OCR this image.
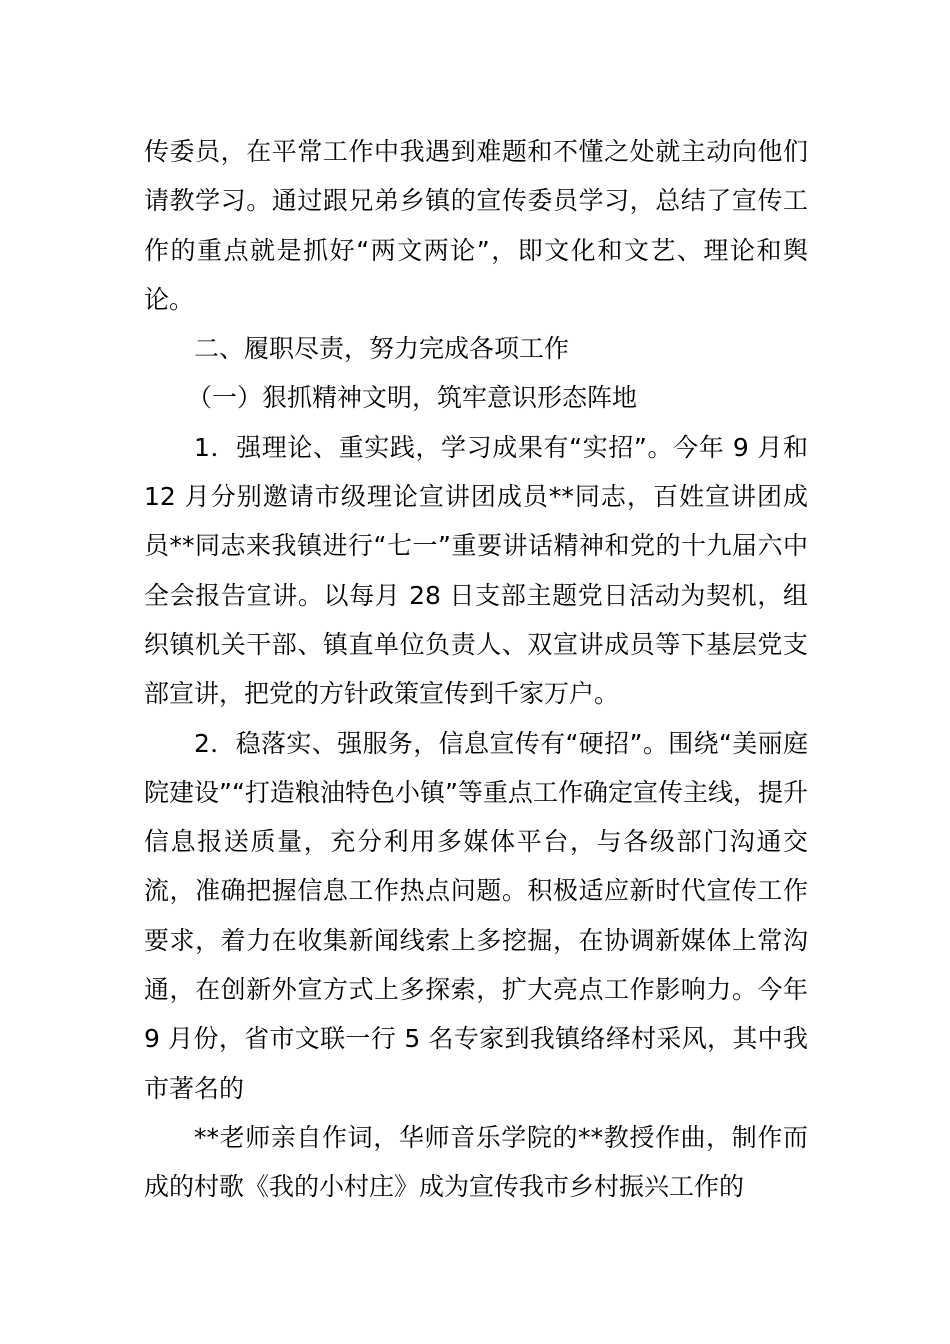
传委员，在平常工作中我遇到难题和不懂之处就主动向他们请教学习。通过跟兄弟乡镇的宣传委员学习，总结了宣传工作的重点就是抓好“两文两论”，即文化和文艺、理论和舆论。

二、履职尽责，努力完成各项工作

（一）狠抓精神文明，筑牢意识形态阵地

1．强理论、重实践，学习成果有“实招”。今年 9 月和 12 月分别邀请市级理论宣讲团成员**同志，百姓宣讲团成员**同志来我镇进行“七一”重要讲话精神和党的十九届六中全会报告宣讲。以每月 28 日支部主题党日活动为契机，组织镇机关干部、镇直单位负责人、双宣讲成员等下基层党支部宣讲，把党的方针政策宣传到千家万户。

2．稳落实、强服务，信息宣传有“硬招”。围绕“美丽庭院建设”“打造粮油特色小镇”等重点工作确定宣传主线，提升信息报送质量，充分利用多媒体平台，与各级部门沟通交流，准确把握信息工作热点问题。积极适应新时代宣传工作要求，着力在收集新闻线索上多挖掘，在协调新媒体上常沟通，在创新外宣方式上多探索，扩大亮点工作影响力。今年 9 月份，省市文联一行 5 名专家到我镇络绎村采风，其中我市著名的

**老师亲自作词，华师音乐学院的**教授作曲，制作而成的村歌《我的小村庄》成为宣传我市乡村振兴工作的
